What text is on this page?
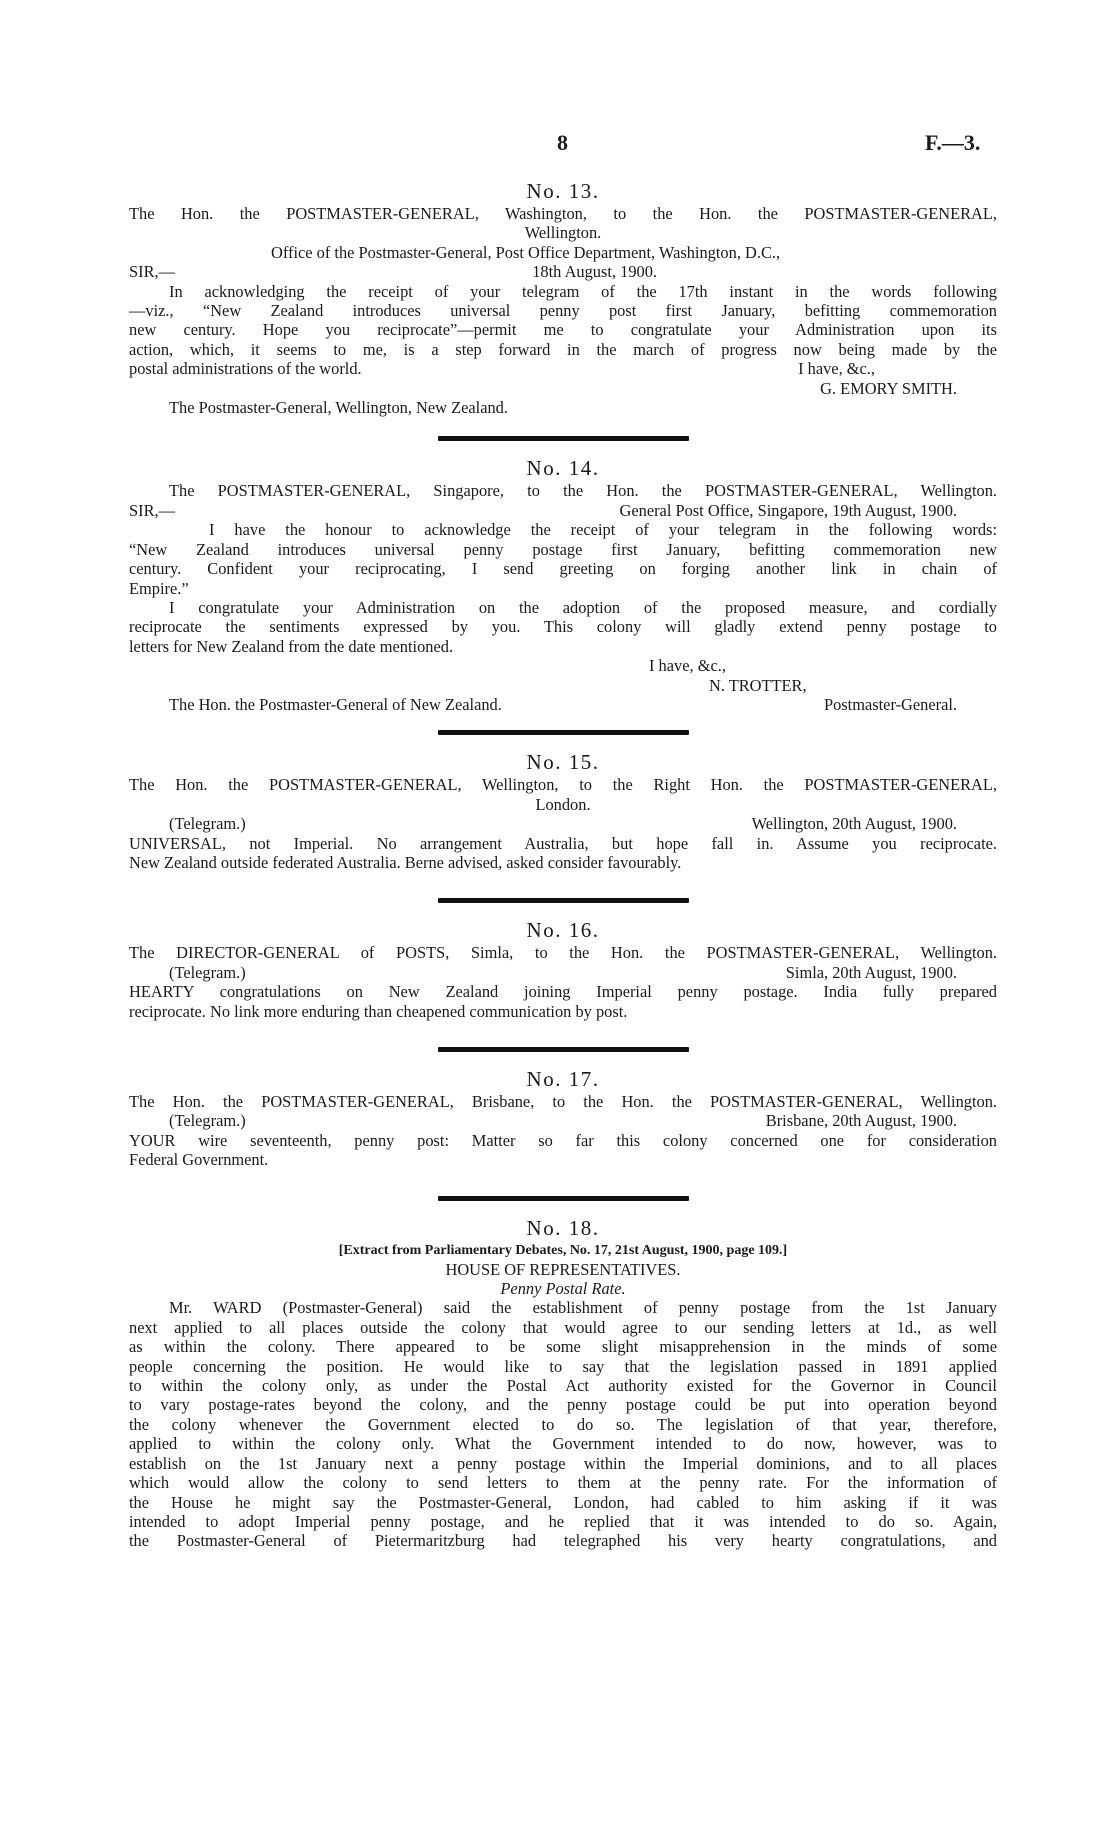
8	F.—3.
No. 13.
The Hon. the POSTMASTER-GENERAL, Washington, to the Hon. the POSTMASTER-GENERAL,
Wellington.
Office of the Postmaster-General, Post Office Department, Washington, D.C.,
SIR,—	18th August, 1900.
In acknowledging the receipt of your telegram of the 17th instant in the words following
—viz., “New Zealand introduces universal penny post first January, befitting commemoration
new century. Hope you reciprocate”—permit me to congratulate your Administration upon its
action, which, it seems to me, is a step forward in the march of progress now being made by the
postal administrations of the world.	I have, &c.,
G. EMORY SMITH.
The Postmaster-General, Wellington, New Zealand.
No. 14.
The POSTMASTER-GENERAL, Singapore, to the Hon. the POSTMASTER-GENERAL, Wellington.
SIR,—	General Post Office, Singapore, 19th August, 1900.
I have the honour to acknowledge the receipt of your telegram in the following words:
“New Zealand introduces universal penny postage first January, befitting commemoration new
century. Confident your reciprocating, I send greeting on forging another link in chain of
Empire.”
I congratulate your Administration on the adoption of the proposed measure, and cordially
reciprocate the sentiments expressed by you. This colony will gladly extend penny postage to
letters for New Zealand from the date mentioned.
I have, &c.,
N. TROTTER,
The Hon. the Postmaster-General of New Zealand.	Postmaster-General.
No. 15.
The Hon. the POSTMASTER-GENERAL, Wellington, to the Right Hon. the POSTMASTER-GENERAL,
London.
(Telegram.)	Wellington, 20th August, 1900.
UNIVERSAL, not Imperial. No arrangement Australia, but hope fall in. Assume you reciprocate.
New Zealand outside federated Australia. Berne advised, asked consider favourably.
No. 16.
The DIRECTOR-GENERAL of POSTS, Simla, to the Hon. the POSTMASTER-GENERAL, Wellington.
(Telegram.)	Simla, 20th August, 1900.
HEARTY congratulations on New Zealand joining Imperial penny postage. India fully prepared
reciprocate. No link more enduring than cheapened communication by post.
No. 17.
The Hon. the POSTMASTER-GENERAL, Brisbane, to the Hon. the POSTMASTER-GENERAL, Wellington.
(Telegram.)	Brisbane, 20th August, 1900.
YOUR wire seventeenth, penny post: Matter so far this colony concerned one for consideration
Federal Government.
No. 18.
[Extract from Parliamentary Debates, No. 17, 21st August, 1900, page 109.]
HOUSE OF REPRESENTATIVES.
Penny Postal Rate.
Mr. WARD (Postmaster-General) said the establishment of penny postage from the 1st January
next applied to all places outside the colony that would agree to our sending letters at 1d., as well
as within the colony. There appeared to be some slight misapprehension in the minds of some
people concerning the position. He would like to say that the legislation passed in 1891 applied
to within the colony only, as under the Postal Act authority existed for the Governor in Council
to vary postage-rates beyond the colony, and the penny postage could be put into operation beyond
the colony whenever the Government elected to do so. The legislation of that year, therefore,
applied to within the colony only. What the Government intended to do now, however, was to
establish on the 1st January next a penny postage within the Imperial dominions, and to all places
which would allow the colony to send letters to them at the penny rate. For the information of
the House he might say the Postmaster-General, London, had cabled to him asking if it was
intended to adopt Imperial penny postage, and he replied that it was intended to do so. Again,
the Postmaster-General of Pietermaritzburg had telegraphed his very hearty congratulations, and
